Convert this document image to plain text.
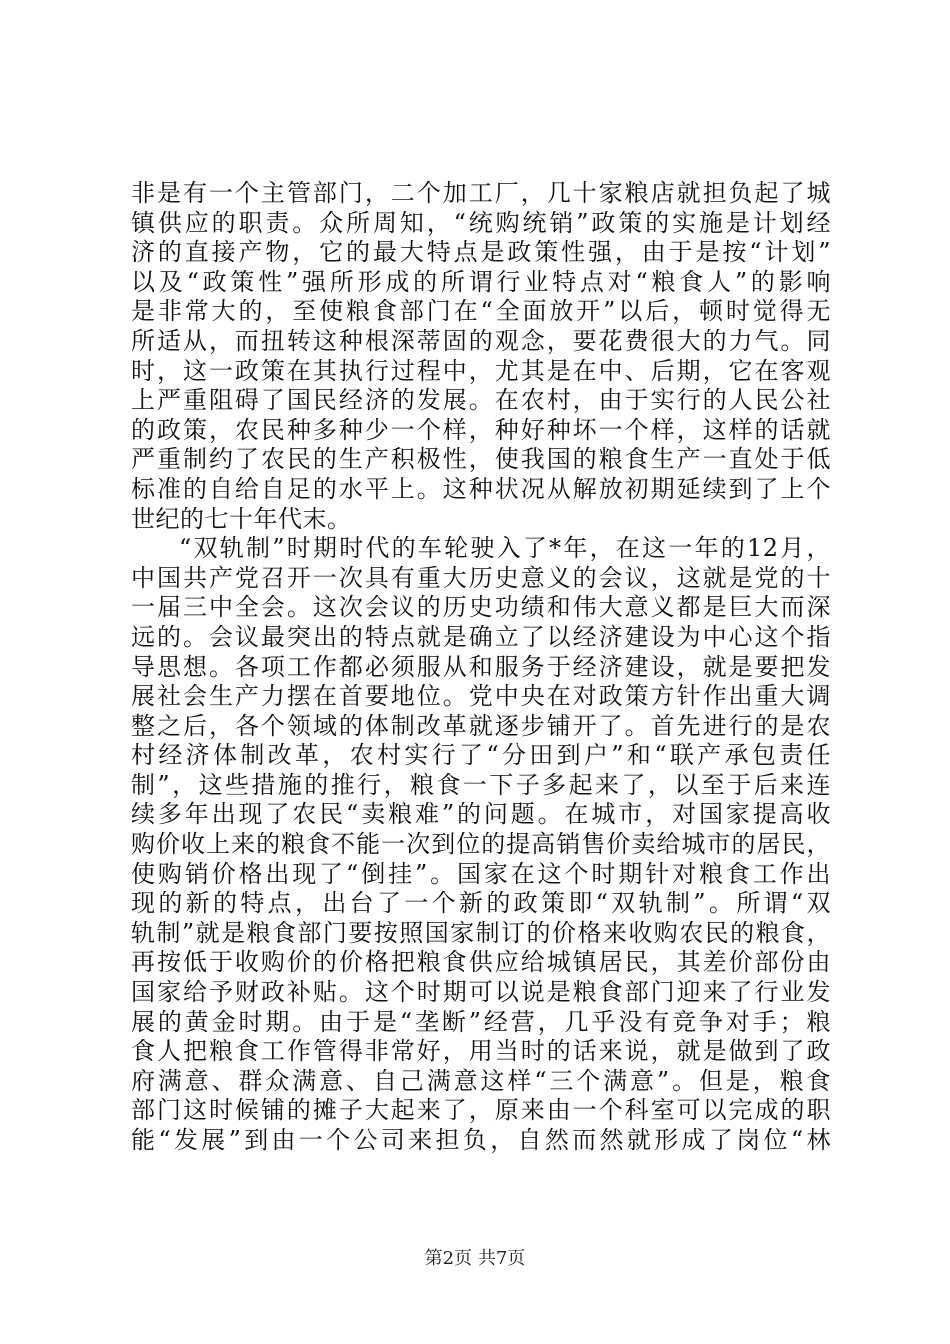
非是有一个主管部门，二个加工厂，几十家粮店就担负起了城
镇供应的职责。众所周知，“统购统销”政策的实施是计划经
济的直接产物，它的最大特点是政策性强，由于是按“计划”
以及“政策性”强所形成的所谓行业特点对“粮食人”的影响
是非常大的，至使粮食部门在“全面放开”以后，顿时觉得无
所适从，而扭转这种根深蒂固的观念，要花费很大的力气。同
时，这一政策在其执行过程中，尤其是在中、后期，它在客观
上严重阻碍了国民经济的发展。在农村，由于实行的人民公社
的政策，农民种多种少一个样，种好种坏一个样，这样的话就
严重制约了农民的生产积极性，使我国的粮食生产一直处于低
标准的自给自足的水平上。这种状况从解放初期延续到了上个
世纪的七十年代末。
“双轨制”时期时代的车轮驶入了*年，在这一年的12月，
中国共产党召开一次具有重大历史意义的会议，这就是党的十
一届三中全会。这次会议的历史功绩和伟大意义都是巨大而深
远的。会议最突出的特点就是确立了以经济建设为中心这个指
导思想。各项工作都必须服从和服务于经济建设，就是要把发
展社会生产力摆在首要地位。党中央在对政策方针作出重大调
整之后，各个领域的体制改革就逐步铺开了。首先进行的是农
村经济体制改革，农村实行了“分田到户”和“联产承包责任
制”，这些措施的推行，粮食一下子多起来了，以至于后来连
续多年出现了农民“卖粮难”的问题。在城市，对国家提高收
购价收上来的粮食不能一次到位的提高销售价卖给城市的居民，
使购销价格出现了“倒挂”。国家在这个时期针对粮食工作出
现的新的特点，出台了一个新的政策即“双轨制”。所谓“双
轨制”就是粮食部门要按照国家制订的价格来收购农民的粮食，
再按低于收购价的价格把粮食供应给城镇居民，其差价部份由
国家给予财政补贴。这个时期可以说是粮食部门迎来了行业发
展的黄金时期。由于是“垄断”经营，几乎没有竞争对手；粮
食人把粮食工作管得非常好，用当时的话来说，就是做到了政
府满意、群众满意、自己满意这样“三个满意”。但是，粮食
部门这时候铺的摊子大起来了，原来由一个科室可以完成的职
能“发展”到由一个公司来担负，自然而然就形成了岗位“林
第2页 共7页
